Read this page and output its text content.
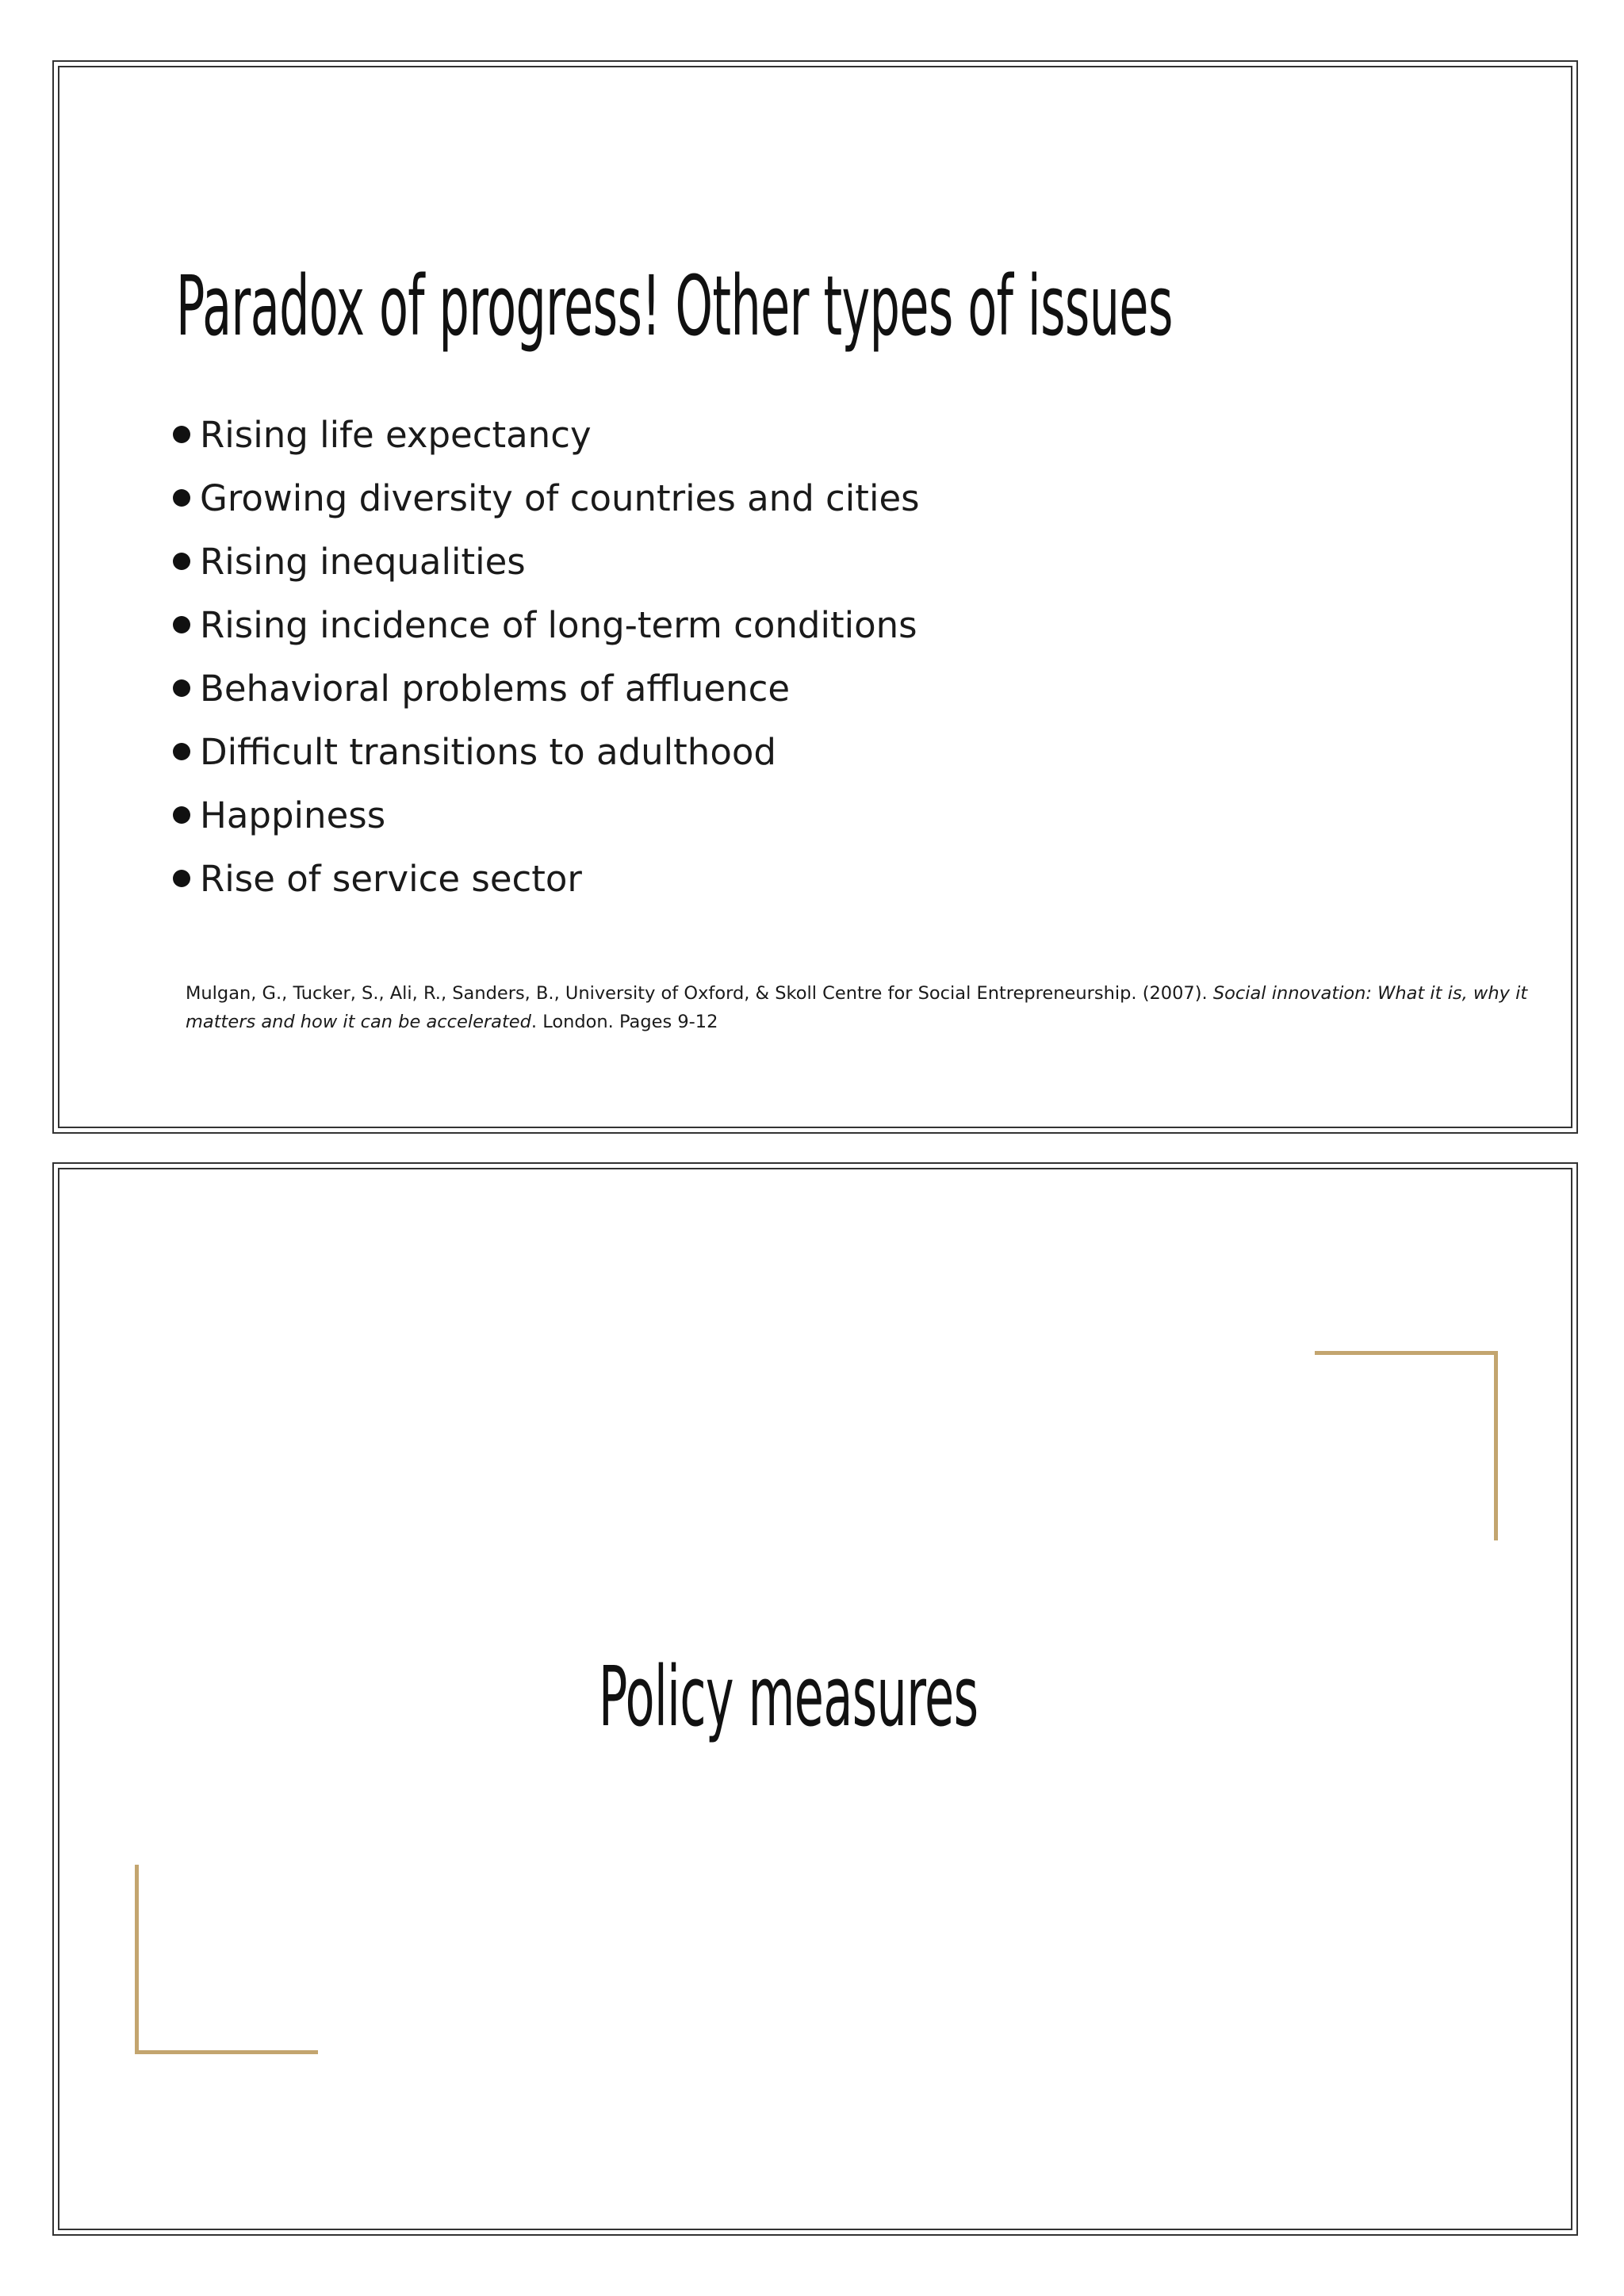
Paradox of progress! Other types of issues
Rising life expectancy
Growing diversity of countries and cities
Rising inequalities
Rising incidence of long-term conditions
Behavioral problems of affluence
Difficult transitions to adulthood
Happiness
Rise of service sector

Mulgan, G., Tucker, S., Ali, R., Sanders, B., University of Oxford, & Skoll Centre for Social Entrepreneurship. (2007). Social innovation: What it is, why it matters and how it can be accelerated. London. Pages 9-12

Policy measures
